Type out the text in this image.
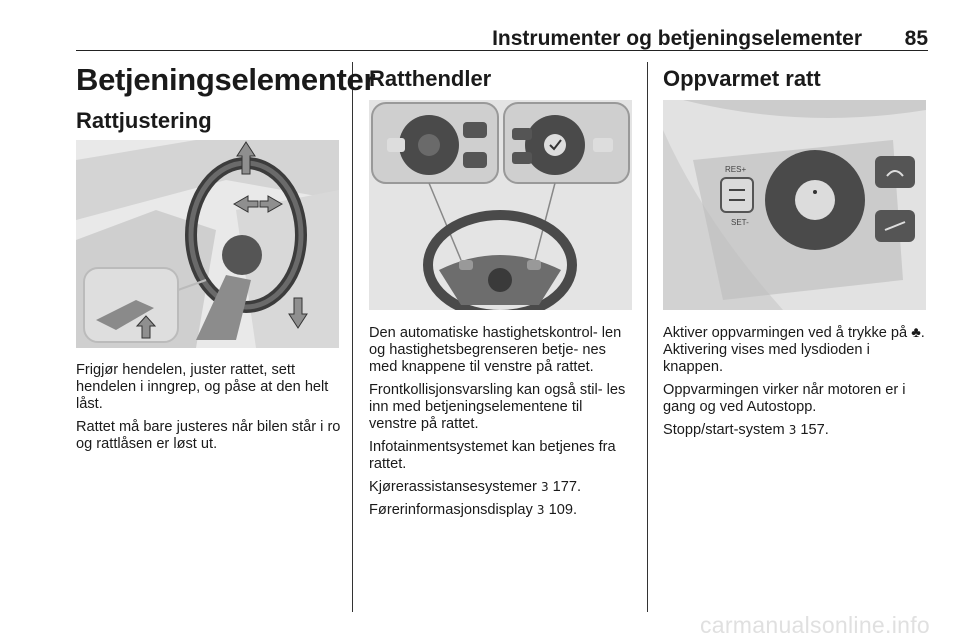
Instrumenter og betjeningselementer 85
Betjeningselementer
Rattjustering

Frigjør hendelen, juster rattet, sett hendelen i inngrep, og påse at den helt låst.

Rattet må bare justeres når bilen står i ro og rattlåsen er løst ut.

Ratthendler

Den automatiske hastighetskontrol- len og hastighetsbegrenseren betje- nes med knappene til venstre på rattet.

Frontkollisjonsvarsling kan også stil- les inn med betjeningselementene til venstre på rattet.

Infotainmentsystemet kan betjenes fra rattet.

Kjørerassistansesystemer 3 177.

Førerinformasjonsdisplay 3 109.

Oppvarmet ratt
RES+
SET-

Aktiver oppvarmingen ved å trykke på ♣. Aktivering vises med lysdioden i knappen.

Oppvarmingen virker når motoren er i gang og ved Autostopp.

Stopp/start-system 3 157.

carmanualsonline.info
